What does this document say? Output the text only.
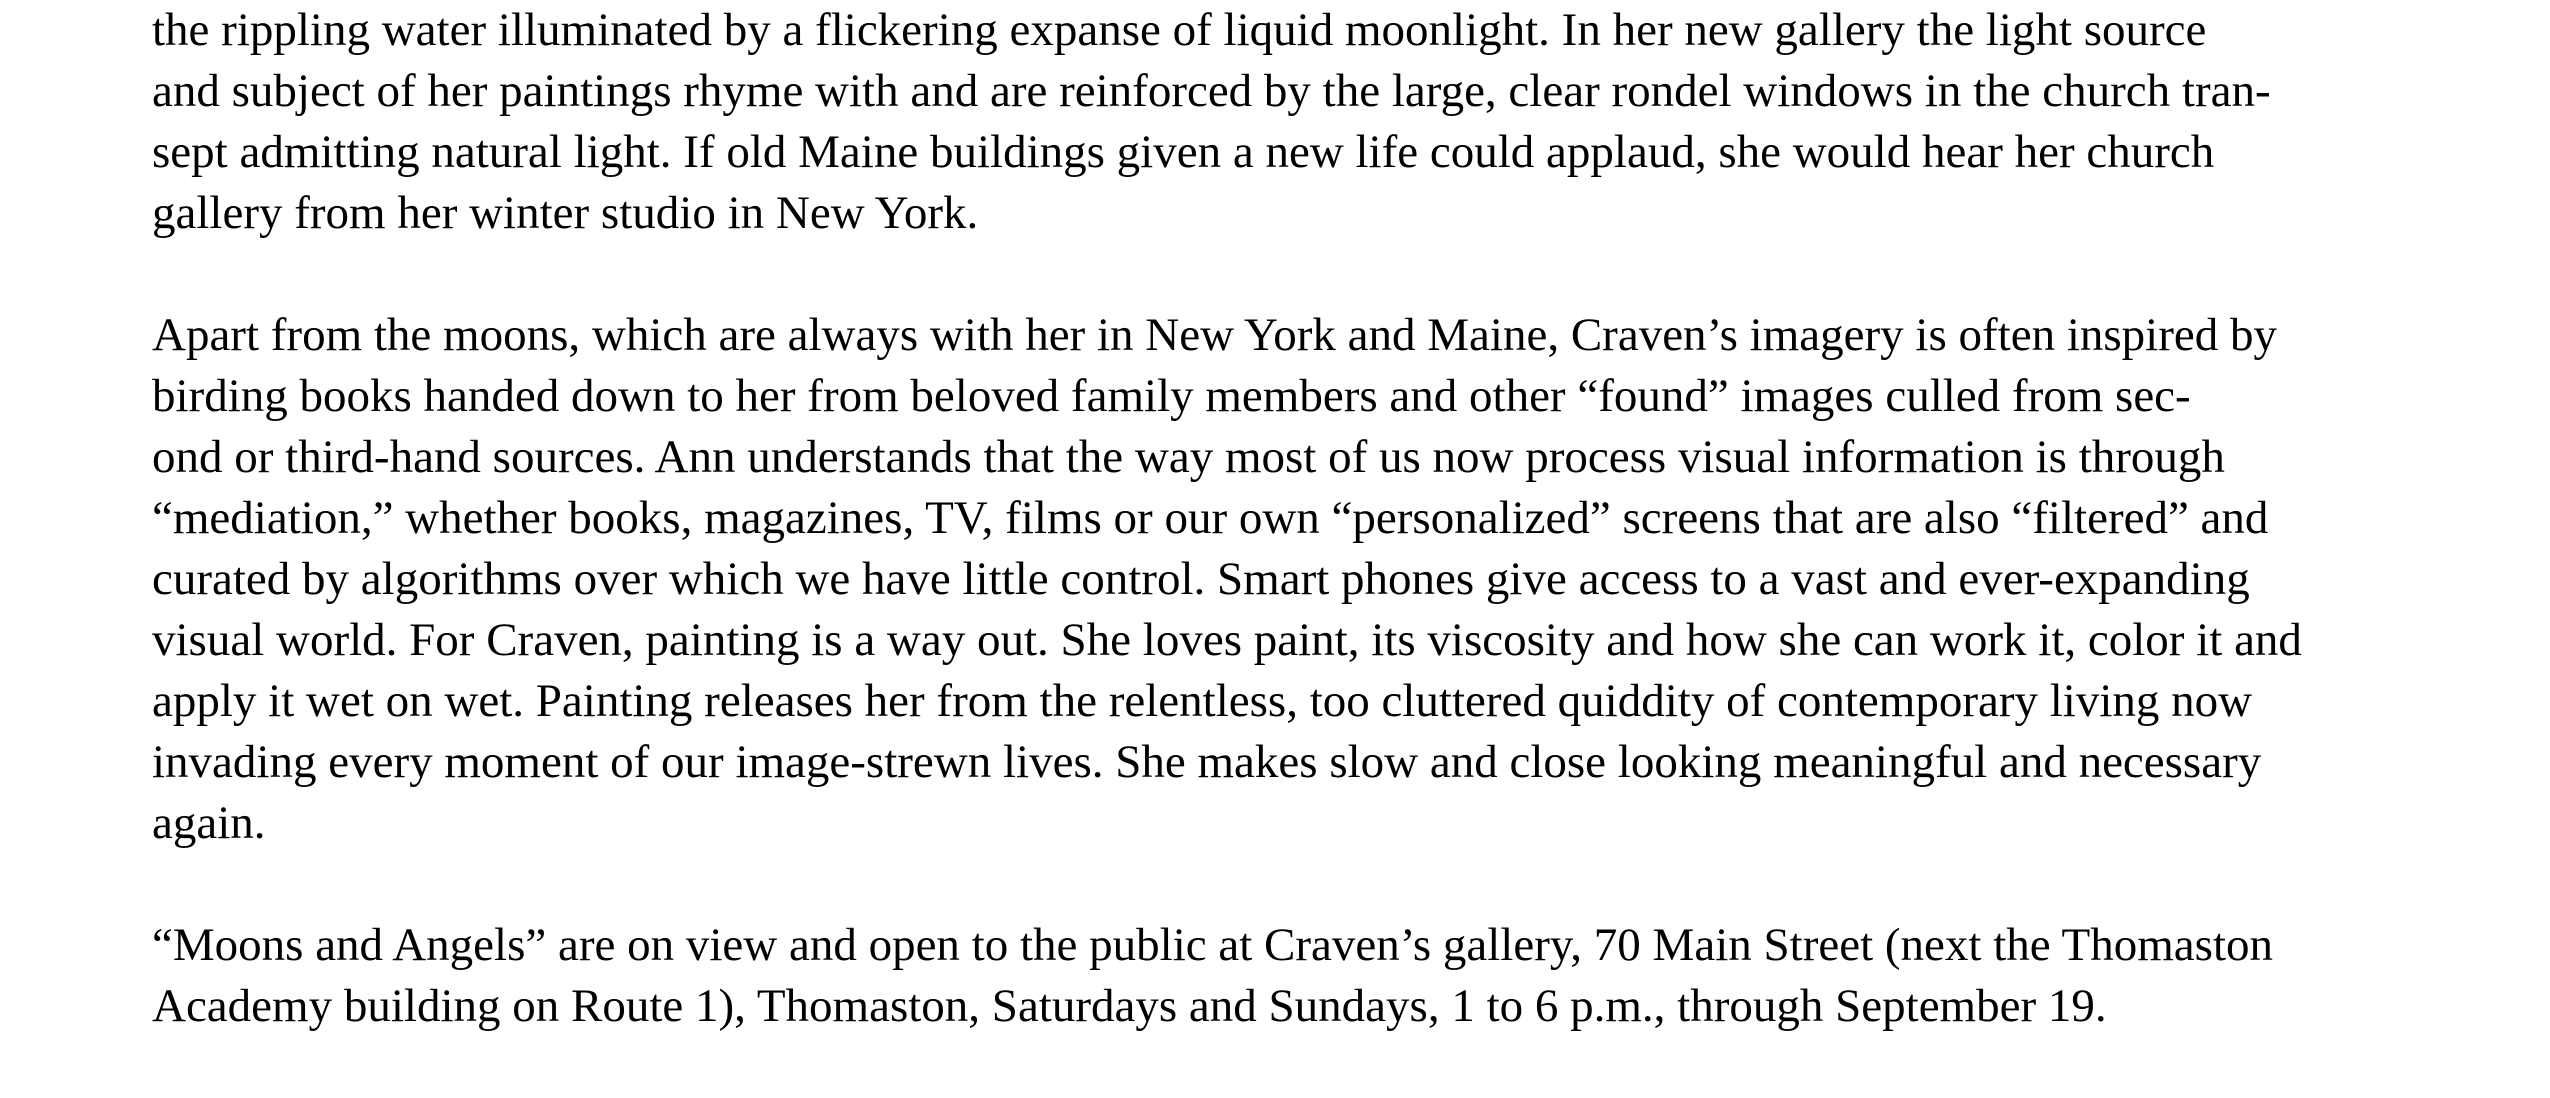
the rippling water illuminated by a flickering expanse of liquid moonlight. In her new gallery the light source
and subject of her paintings rhyme with and are reinforced by the large, clear rondel windows in the church tran-
sept admitting natural light. If old Maine buildings given a new life could applaud, she would hear her church
gallery from her winter studio in New York.

Apart from the moons, which are always with her in New York and Maine, Craven’s imagery is often inspired by
birding books handed down to her from beloved family members and other “found” images culled from sec-
ond or third-hand sources. Ann understands that the way most of us now process visual information is through
“mediation,” whether books, magazines, TV, films or our own “personalized” screens that are also “filtered” and
curated by algorithms over which we have little control. Smart phones give access to a vast and ever-expanding
visual world. For Craven, painting is a way out. She loves paint, its viscosity and how she can work it, color it and
apply it wet on wet. Painting releases her from the relentless, too cluttered quiddity of contemporary living now
invading every moment of our image-strewn lives. She makes slow and close looking meaningful and necessary
again.

“Moons and Angels” are on view and open to the public at Craven’s gallery, 70 Main Street (next the Thomaston
Academy building on Route 1), Thomaston, Saturdays and Sundays, 1 to 6 p.m., through September 19.
